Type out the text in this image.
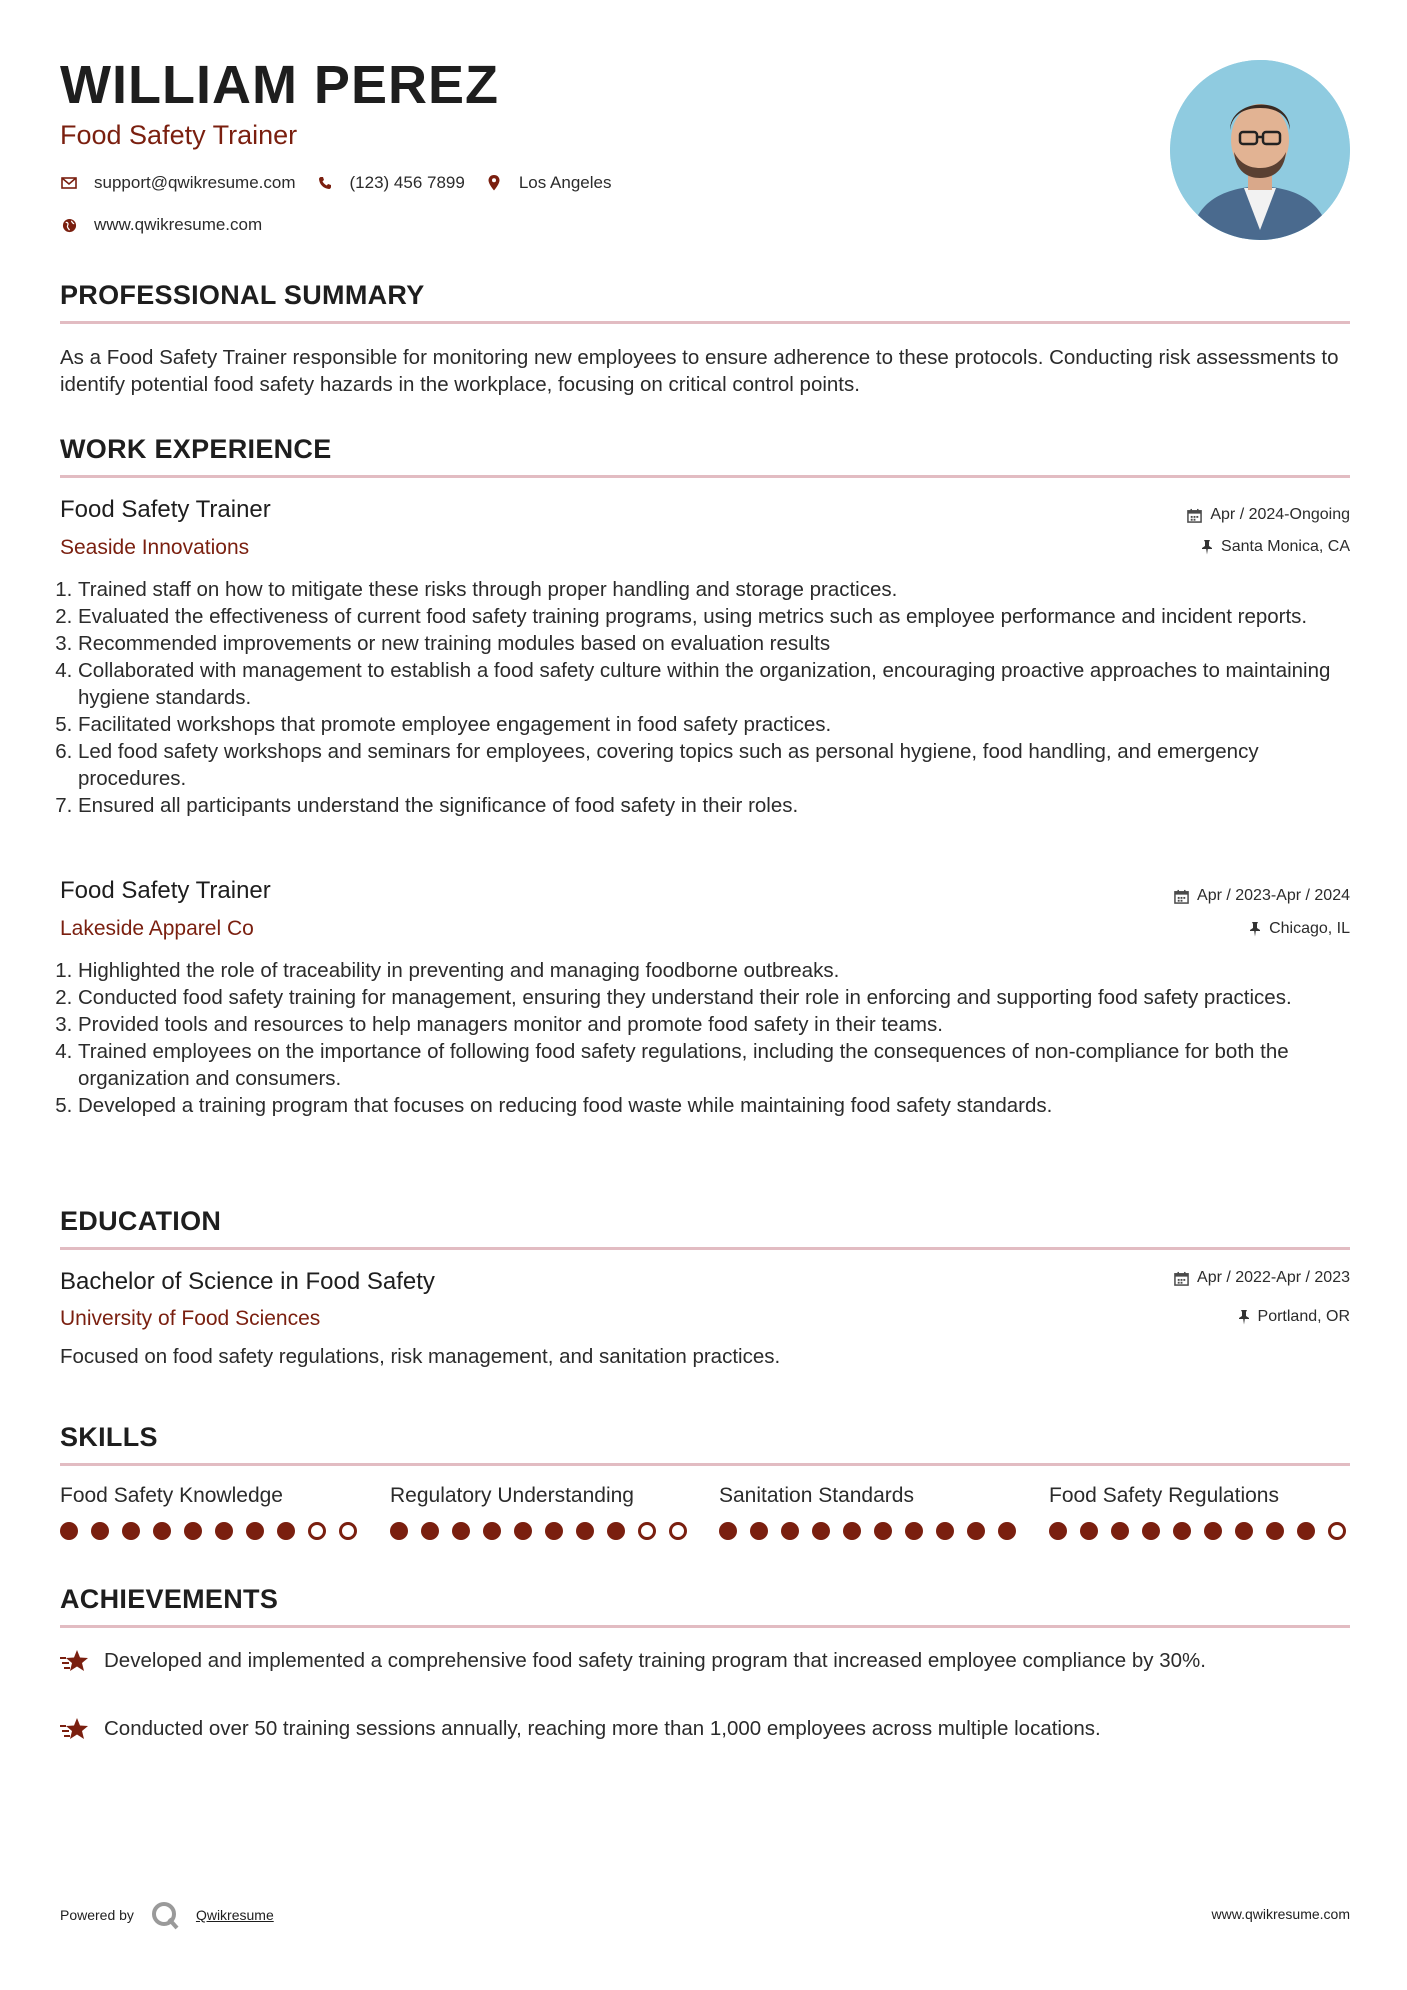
WILLIAM PEREZ
Food Safety Trainer
support@qwikresume.com	(123) 456 7899	Los Angeles
www.qwikresume.com
PROFESSIONAL SUMMARY
As a Food Safety Trainer responsible for monitoring new employees to ensure adherence to these protocols. Conducting risk assessments to identify potential food safety hazards in the workplace, focusing on critical control points.
WORK EXPERIENCE
Food Safety Trainer	Apr / 2024-Ongoing
Seaside Innovations	Santa Monica, CA
1. Trained staff on how to mitigate these risks through proper handling and storage practices.
2. Evaluated the effectiveness of current food safety training programs, using metrics such as employee performance and incident reports.
3. Recommended improvements or new training modules based on evaluation results
4. Collaborated with management to establish a food safety culture within the organization, encouraging proactive approaches to maintaining hygiene standards.
5. Facilitated workshops that promote employee engagement in food safety practices.
6. Led food safety workshops and seminars for employees, covering topics such as personal hygiene, food handling, and emergency procedures.
7. Ensured all participants understand the significance of food safety in their roles.
Food Safety Trainer	Apr / 2023-Apr / 2024
Lakeside Apparel Co	Chicago, IL
1. Highlighted the role of traceability in preventing and managing foodborne outbreaks.
2. Conducted food safety training for management, ensuring they understand their role in enforcing and supporting food safety practices.
3. Provided tools and resources to help managers monitor and promote food safety in their teams.
4. Trained employees on the importance of following food safety regulations, including the consequences of non-compliance for both the organization and consumers.
5. Developed a training program that focuses on reducing food waste while maintaining food safety standards.
EDUCATION
Bachelor of Science in Food Safety	Apr / 2022-Apr / 2023
University of Food Sciences	Portland, OR
Focused on food safety regulations, risk management, and sanitation practices.
SKILLS
Food Safety Knowledge	Regulatory Understanding	Sanitation Standards	Food Safety Regulations
ACHIEVEMENTS
Developed and implemented a comprehensive food safety training program that increased employee compliance by 30%.
Conducted over 50 training sessions annually, reaching more than 1,000 employees across multiple locations.
Powered by	Qwikresume	www.qwikresume.com
